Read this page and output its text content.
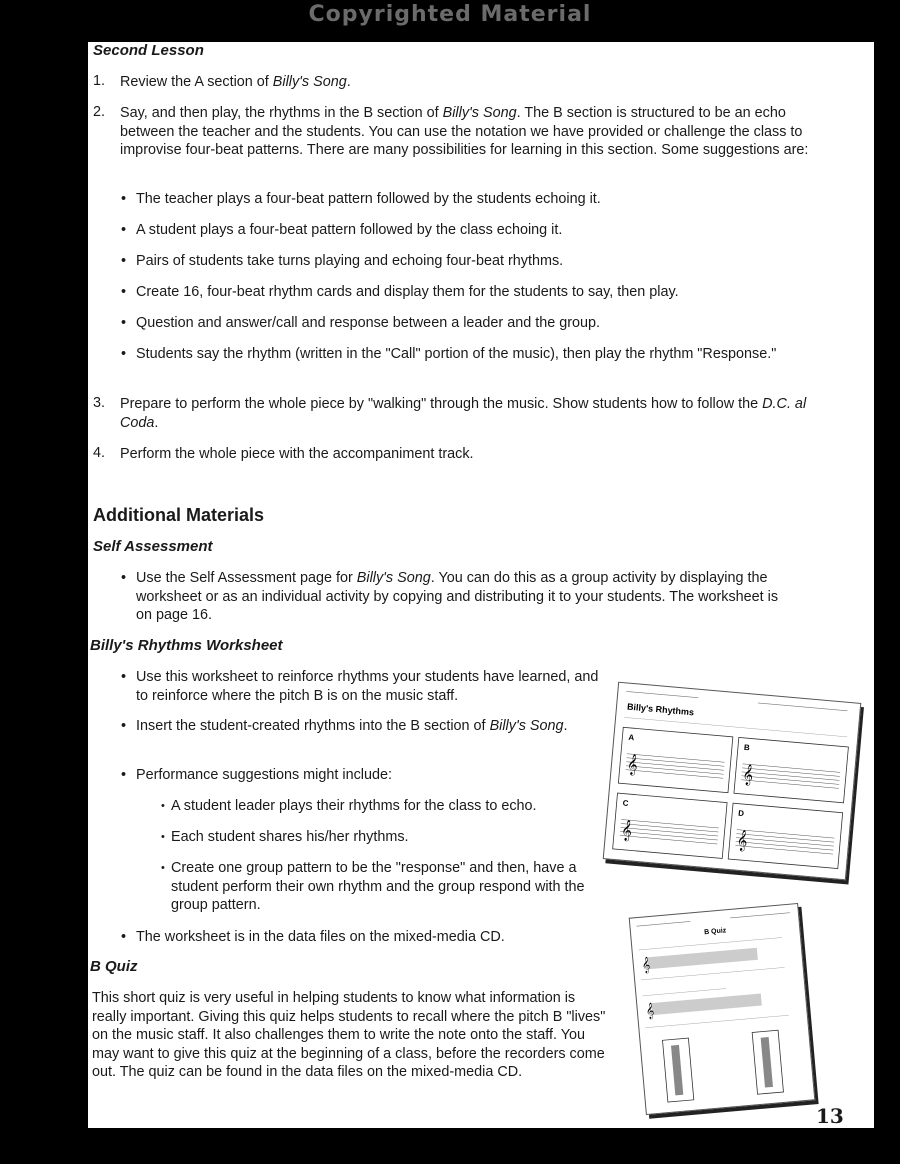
Copyrighted Material
Second Lesson
1. Review the A section of Billy's Song.
2. Say, and then play, the rhythms in the B section of Billy's Song. The B section is structured to be an echo between the teacher and the students. You can use the notation we have provided or challenge the class to improvise four-beat patterns. There are many possibilities for learning in this section. Some suggestions are:
• The teacher plays a four-beat pattern followed by the students echoing it.
• A student plays a four-beat pattern followed by the class echoing it.
• Pairs of students take turns playing and echoing four-beat rhythms.
• Create 16, four-beat rhythm cards and display them for the students to say, then play.
• Question and answer/call and response between a leader and the group.
• Students say the rhythm (written in the "Call" portion of the music), then play the rhythm "Response."
3. Prepare to perform the whole piece by "walking" through the music. Show students how to follow the D.C. al Coda.
4. Perform the whole piece with the accompaniment track.
Additional Materials
Self Assessment
• Use the Self Assessment page for Billy's Song. You can do this as a group activity by displaying the worksheet or as an individual activity by copying and distributing it to your students. The worksheet is on page 16.
Billy's Rhythms Worksheet
• Use this worksheet to reinforce rhythms your students have learned, and to reinforce where the pitch B is on the music staff.
• Insert the student-created rhythms into the B section of Billy's Song.
• Performance suggestions might include:
• A student leader plays their rhythms for the class to echo.
• Each student shares his/her rhythms.
• Create one group pattern to be the "response" and then, have a student perform their own rhythm and the group respond with the group pattern.
• The worksheet is in the data files on the mixed-media CD.
B Quiz
This short quiz is very useful in helping students to know what information is really important. Giving this quiz helps students to recall where the pitch B "lives" on the music staff. It also challenges them to write the note onto the staff. You may want to give this quiz at the beginning of a class, before the recorders come out. The quiz can be found in the data files on the mixed-media CD.
Billy's Rhythms
A
𝄞
B
𝄞
C
𝄞
D
𝄞
B Quiz
𝄞
𝄞
13
